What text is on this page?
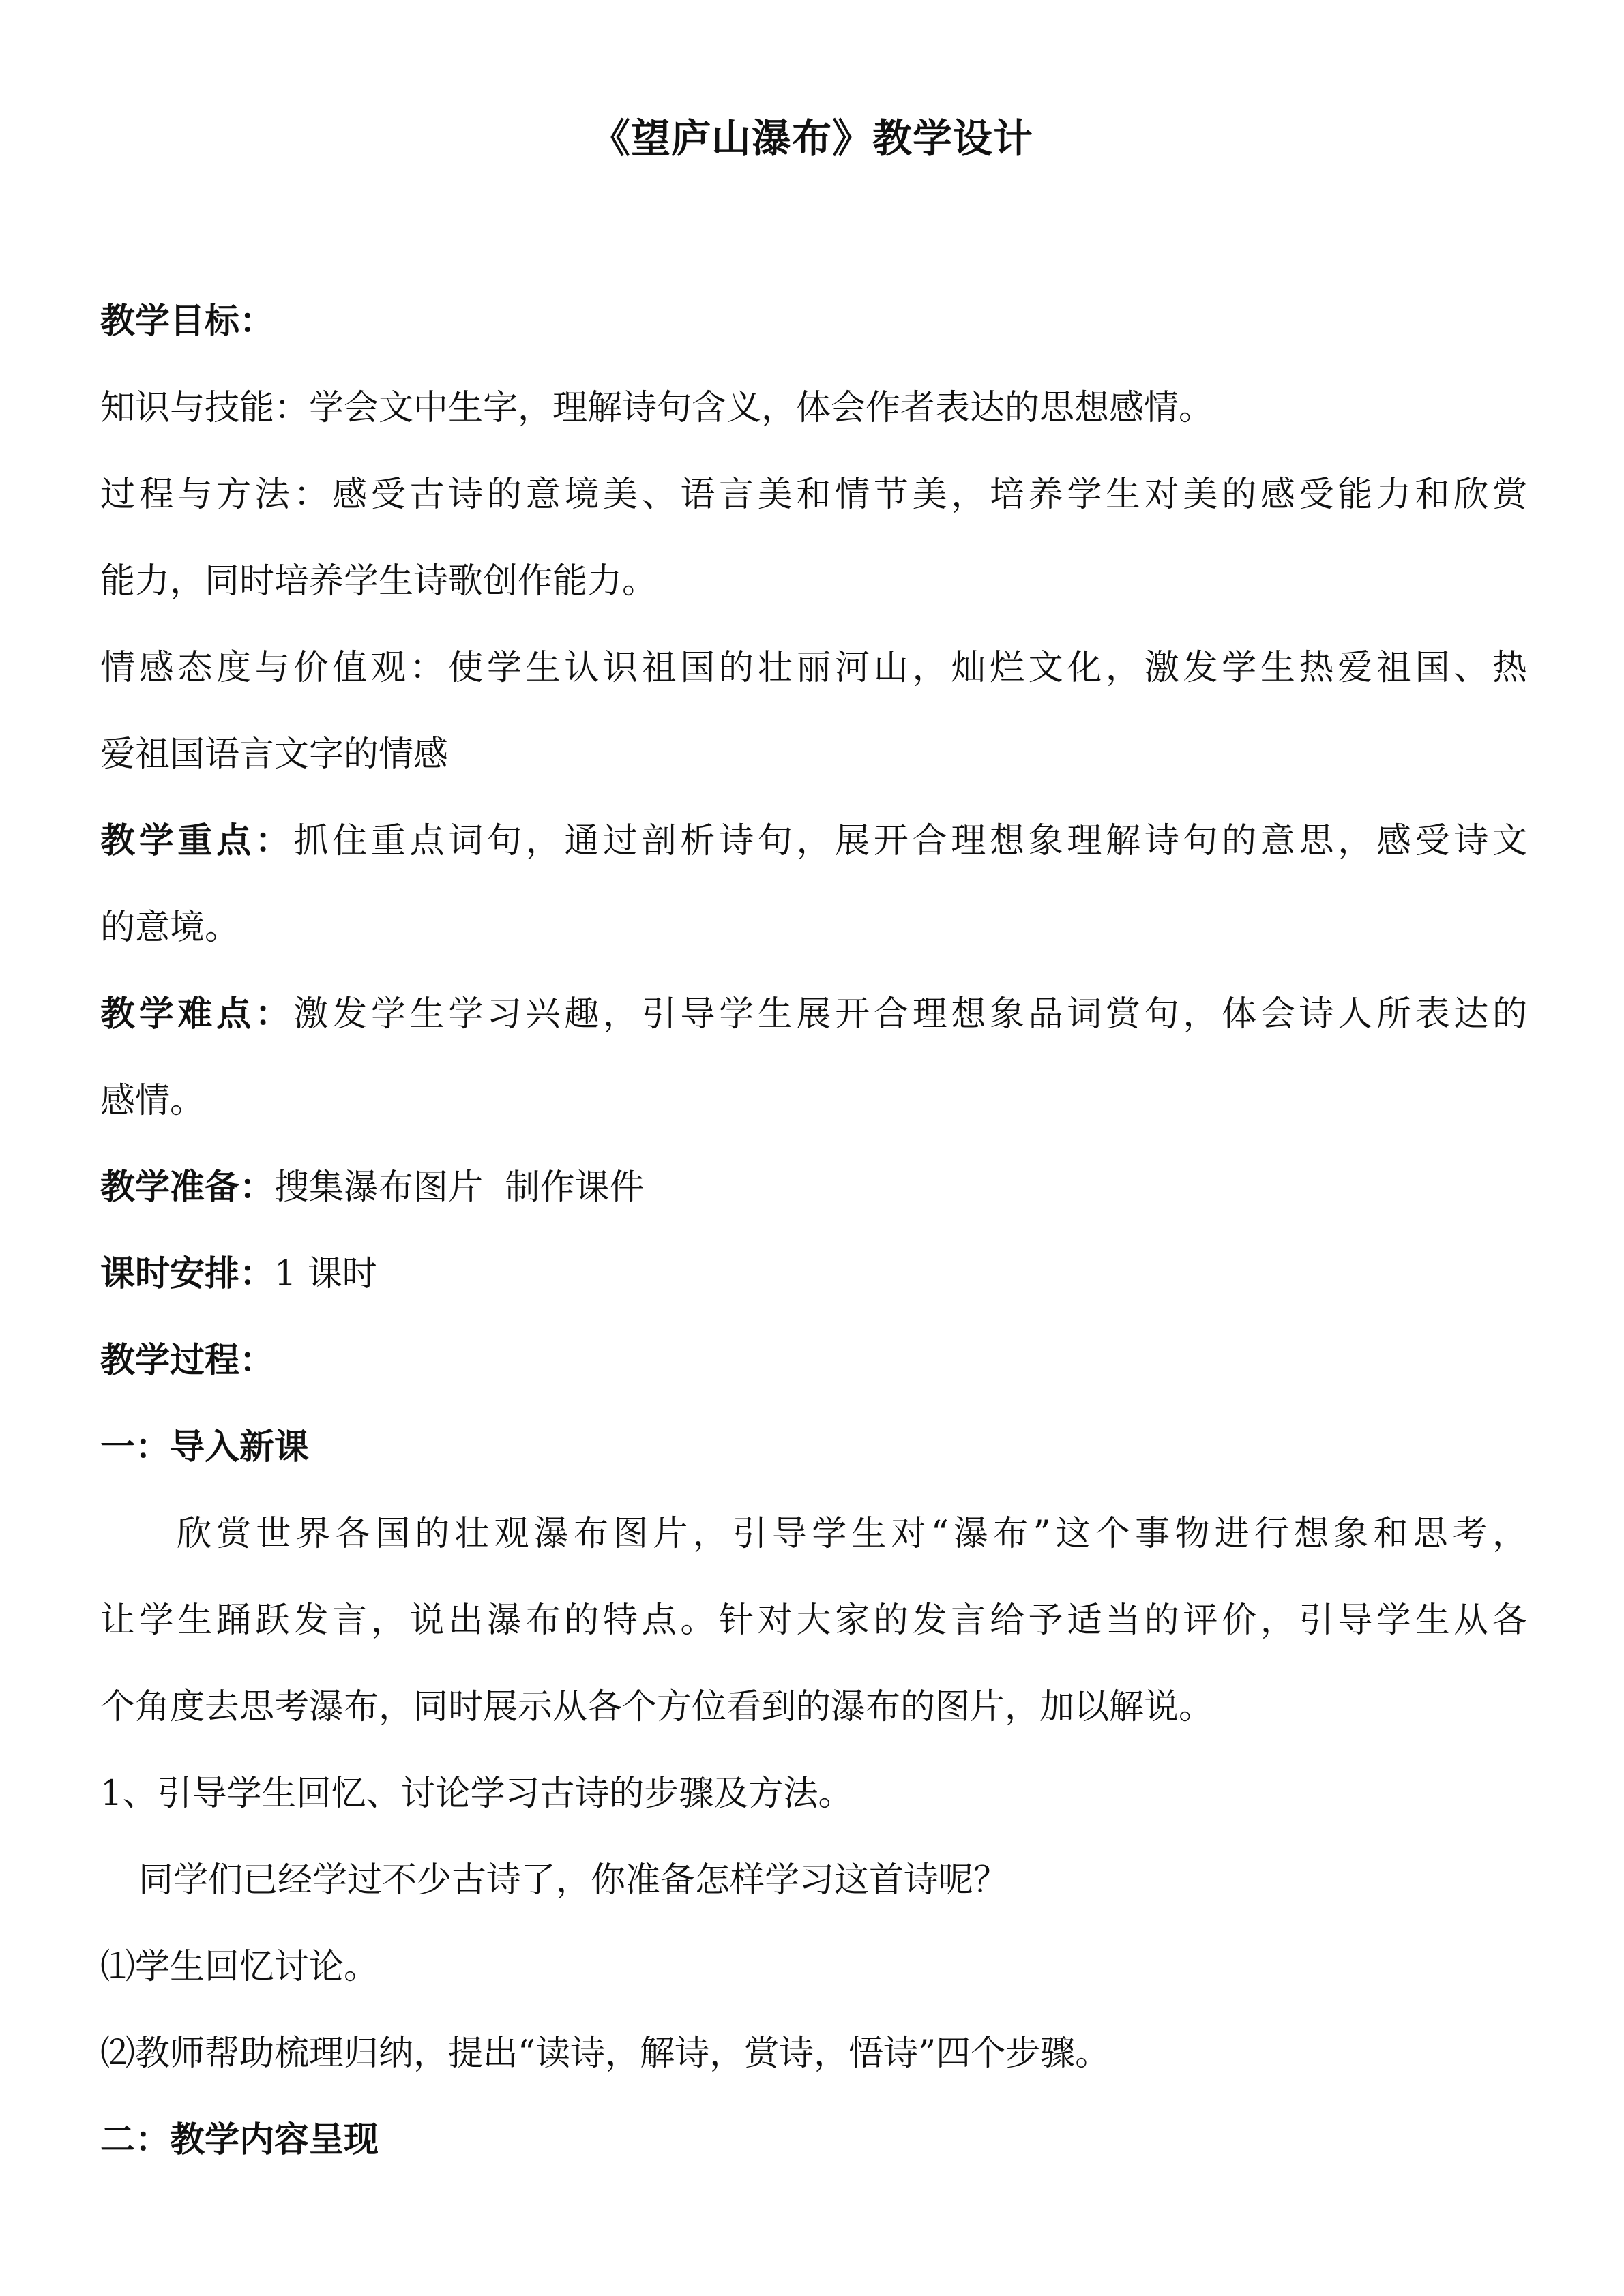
《望庐山瀑布》教学设计
教学目标：
知识与技能：学会文中生字，理解诗句含义，体会作者表达的思想感情。
过程与方法：感受古诗的意境美、语言美和情节美，培养学生对美的感受能力和欣赏
能力，同时培养学生诗歌创作能力。
情感态度与价值观：使学生认识祖国的壮丽河山，灿烂文化，激发学生热爱祖国、热
爱祖国语言文字的情感
教学重点：抓住重点词句，通过剖析诗句，展开合理想象理解诗句的意思，感受诗文
的意境。
教学难点：激发学生学习兴趣，引导学生展开合理想象品词赏句，体会诗人所表达的
感情。
教学准备：搜集瀑布图片  制作课件
课时安排：1 课时
教学过程：
一：导入新课
欣赏世界各国的壮观瀑布图片，引导学生对“瀑布”这个事物进行想象和思考，
让学生踊跃发言，说出瀑布的特点。针对大家的发言给予适当的评价，引导学生从各
个角度去思考瀑布，同时展示从各个方位看到的瀑布的图片，加以解说。
1、引导学生回忆、讨论学习古诗的步骤及方法。
同学们已经学过不少古诗了，你准备怎样学习这首诗呢？
⑴学生回忆讨论。
⑵教师帮助梳理归纳，提出“读诗，解诗，赏诗，悟诗”四个步骤。
二：教学内容呈现
